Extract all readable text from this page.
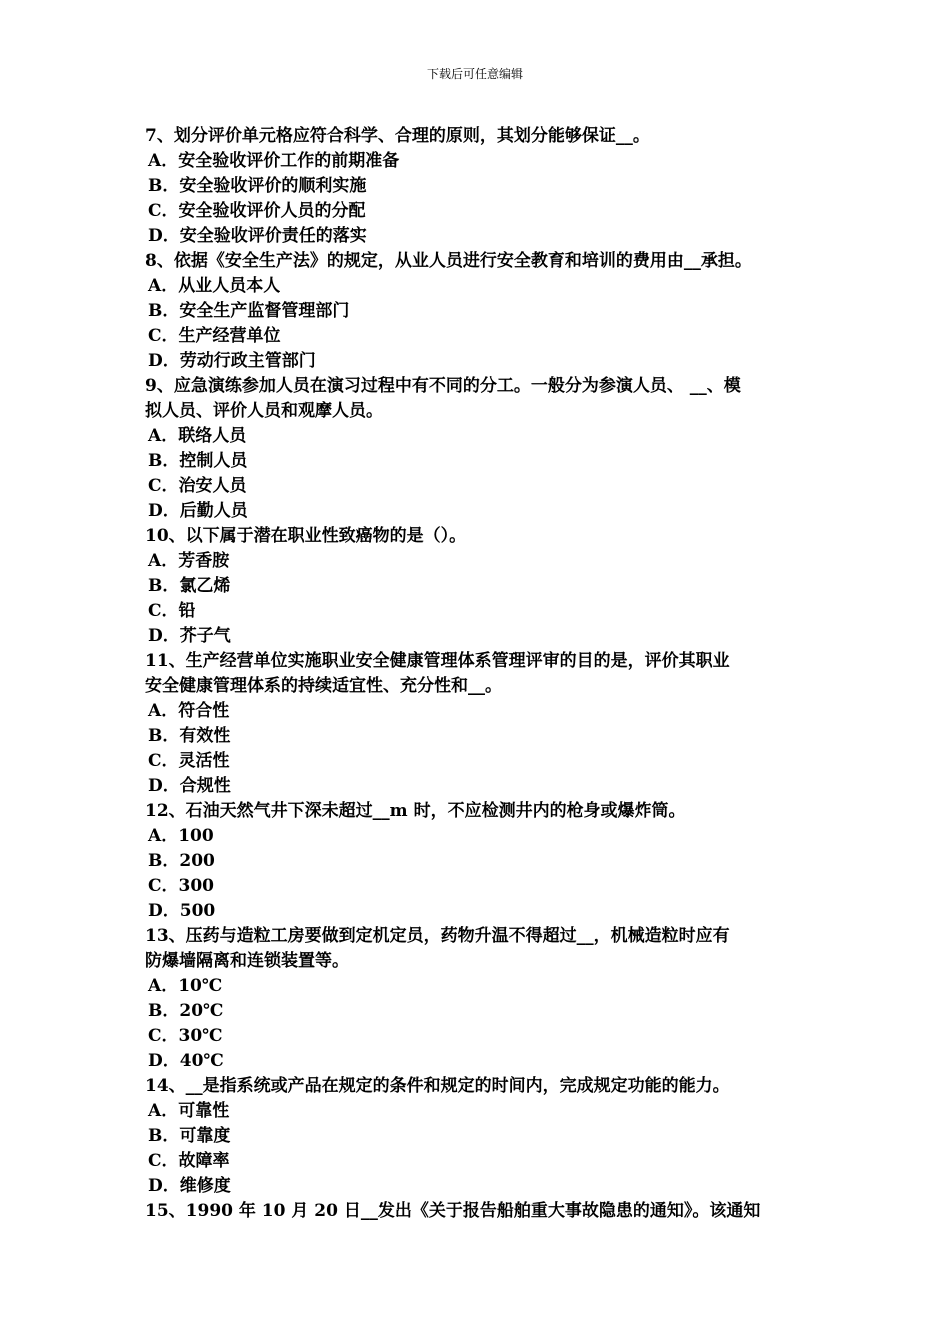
下载后可任意编辑
7、划分评价单元格应符合科学、合理的原则，其划分能够保证__。
A．安全验收评价工作的前期准备
B．安全验收评价的顺利实施
C．安全验收评价人员的分配
D．安全验收评价责任的落实
8、依据《安全生产法》的规定，从业人员进行安全教育和培训的费用由__承担。
A．从业人员本人
B．安全生产监督管理部门
C．生产经营单位
D．劳动行政主管部门
9、应急演练参加人员在演习过程中有不同的分工。一般分为参演人员、 __、模
拟人员、评价人员和观摩人员。
A．联络人员
B．控制人员
C．治安人员
D．后勤人员
10、以下属于潜在职业性致癌物的是（）。
A．芳香胺
B．氯乙烯
C．铅
D．芥子气
11、生产经营单位实施职业安全健康管理体系管理评审的目的是，评价其职业
安全健康管理体系的持续适宜性、充分性和__。
A．符合性
B．有效性
C．灵活性
D．合规性
12、石油天然气井下深未超过__m 时，不应检测井内的枪身或爆炸筒。
A．100
B．200
C．300
D．500
13、压药与造粒工房要做到定机定员，药物升温不得超过__，机械造粒时应有
防爆墙隔离和连锁装置等。
A．10℃
B．20℃
C．30℃
D．40℃
14、__是指系统或产品在规定的条件和规定的时间内，完成规定功能的能力。
A．可靠性
B．可靠度
C．故障率
D．维修度
15、1990 年 10 月 20 日__发出《关于报告船舶重大事故隐患的通知》。该通知
